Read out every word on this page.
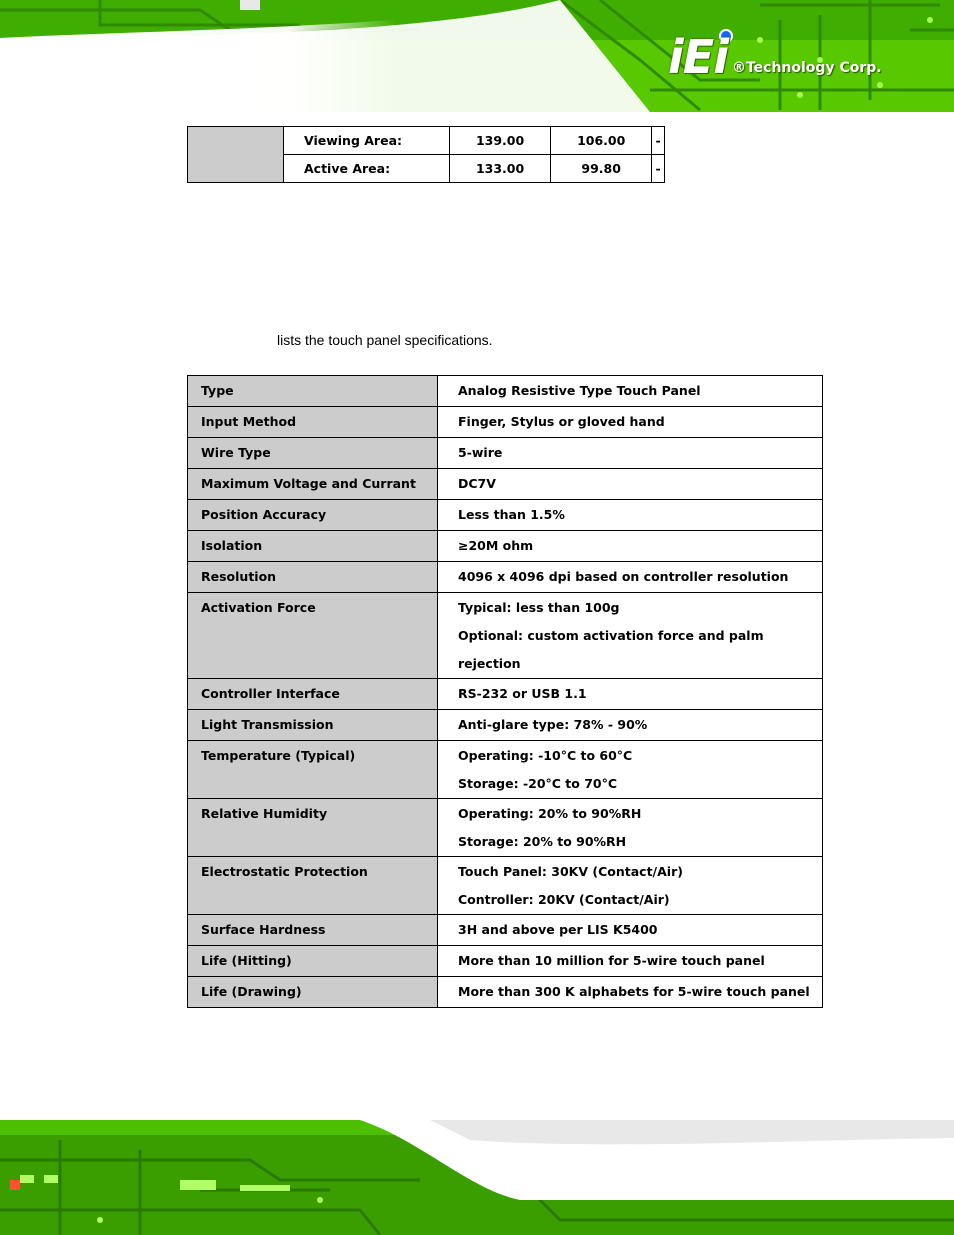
iEi ®Technology Corp.
	Viewing Area:	139.00	106.00	-
	Active Area:	133.00	99.80	-
lists the touch panel specifications.
Type	Analog Resistive Type Touch Panel

Input Method	Finger, Stylus or gloved hand

Wire Type	5-wire

Maximum Voltage and Currant	DC7V

Position Accuracy	Less than 1.5%

Isolation	≥20M ohm

Resolution	4096 x 4096 dpi based on controller resolution

Activation Force	Typical: less than 100g
Optional: custom activation force and palm
rejection

Controller Interface	RS-232 or USB 1.1

Light Transmission	Anti-glare type: 78% - 90%

Temperature (Typical)	Operating: -10°C to 60°C
Storage: -20°C to 70°C

Relative Humidity	Operating: 20% to 90%RH
Storage: 20% to 90%RH

Electrostatic Protection	Touch Panel: 30KV (Contact/Air)
Controller: 20KV (Contact/Air)

Surface Hardness	3H and above per LIS K5400

Life (Hitting)	More than 10 million for 5-wire touch panel

Life (Drawing)	More than 300 K alphabets for 5-wire touch panel
